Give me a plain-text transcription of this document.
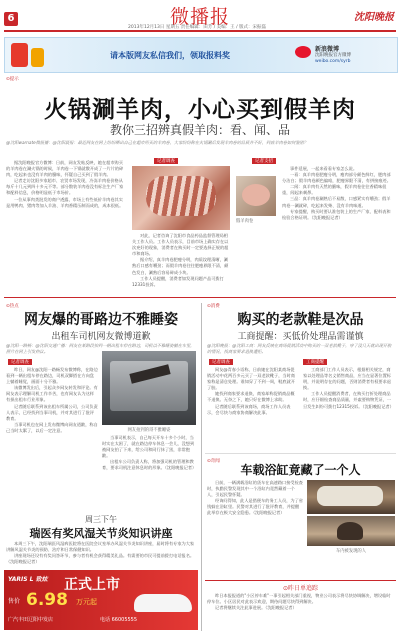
6	微播报
2013年12月13日 星期五 责任编辑：田芳 / 美编：王 / 版式：宋振磊
沈阳晚报
请本版网友私信我们，领取报料奖
新浪微博
沈阳晚报官方微博
weibo.com/syrb
⊙提示
火锅涮羊肉，小心买到假羊肉
教你三招辨真假羊肉：看、闻、品
@沈阳warnate微报播：@沈阳晨报：最近网友在网上纷纷晒出自己在超市所买的羊肉卷，大家纷纷称在火锅涮后发现羊肉卷的品质并不好，到底羊肉卷如何鉴别？

据沈阳晚报官方微博：日前，网友发帖反映，她在超市购买的羊肉卷在涮火锅的时候，羊肉卷一下锅就散开成了一片片的碎肉，吃起来也没有羊肉的膻味，怀疑自己买到了假羊肉。

记者走访沈阳多家超市、农贸市场发现，冷冻羊肉卷价格从每斤十几元到四十多元不等。部分散装羊肉卷没有标注生产厂家和配料信息，价格明显低于市场价。

一位从事肉类批发的商户透露，市场上有些低价羊肉卷其实是用鸭肉、猪肉等加入羊油、羊肉香精压制而成的，成本很低。

记者调查

对此，记者咨询了沈阳市食品药品监督管理局相关工作人员。工作人员表示，目前市场上确实存在以次充好的现象，消费者在购买时一定要选择正规的超市和商场。

据介绍，真羊肉卷肥瘦分明，肉质纹理清晰，涮熟后口感有嚼劲；而假羊肉卷往往肥瘦界限不清，颜色发白，涮熟后容易碎成小块。

工作人员提醒，消费者如发现问题产品可拨打12331投诉。

记者支招
假羊肉卷

事件延展，一起来看看专家怎么说。

一看：真羊肉卷肥瘦分明，瘦肉部分颜色鲜红，肥肉部分洁白；假羊肉卷颜色偏暗，肥瘦界限不清，有拼接痕迹。

二闻：真羊肉有天然的膻味，假羊肉卷往往香精味很重，闻起来刺鼻。

三品：真羊肉卷涮熟后不易散，口感紧实有嚼劲；假羊肉卷一涮就碎，吃起来发柴、没有羊肉味道。

专家提醒，购买时要认准包装上的生产厂家、配料表和检验合格证明。（沈阳晚报记者）

⊙热点
网友爆的哥路边不雅睡姿
出租车司机网友微博道歉
@沈阳一路畅：@沈阳交通广播：网友在某路段拍到一辆出租车停在路边，司机以不雅睡姿躺在车里，照片在网上引发热议。
记者调查

昨日，网友@沈阳一路畅发布微博称，在路边看到一辆出租车停在路边，司机双脚搭在方向盘上躺着睡觉，画面十分不雅。

该微博发出后，引起众多网友转发和评论。有网友表示理解司机工作辛苦，也有网友认为这样有损出租车行业形象。

记者随后联系到该出租车所属公司，公司负责人表示，已经找到当事司机，并对其进行了批评教育。

当事司机也在网上发布微博向网友道歉，称自己当时太累了，以后一定注意。	网友拍到的哥不雅睡姿

当事司机表示，自己每天开车十多个小时，当时实在太困了，就在路边停车休息一会儿，没想到被网友拍了下来，给公司和同行抹了黑，非常抱歉。

出租车公司负责人称，将加强司机的管理和教育，要求司机注意休息时的形象。（沈阳晚报记者）

周三下午
瑞医有奖风湿关节炎知识讲座

本周三下午，沈阳瑞医风湿病医院将在医院会议室举办风湿关节炎知识讲座，届时将有专家为大家讲解风湿关节炎的预防、治疗和日常保健知识。

讲座现场还设有有奖问答环节，参与者有机会获得精美礼品。有需要的市民可提前拨打电话报名。（沈阳晚报记者）

YARIS L 致炫 正式上市
售价 6.98 万元起
广汽丰田辽阳中发店	电话 66005555
⊙消费
购买的老款鞋是次品
工商提醒：买低价处理品需谨慎
@沈阳晚报：@沈阳工商：网友反映在商场促销活动中购买的一双老款靴子，穿了没几天就出现开胶的情况，找商家要求退换遭拒。
记者调查

网友@青春小语称，日前她在沈阳某商场促销活动中花两百多元买了一双老款靴子，当时商家称是清仓处理。谁知穿了不到一周，鞋底就开了胶。

她找到商家要求退换，商家却称促销商品概不退换。无奈之下，她只好在微博上求助。

记者随后联系到该商场，商场工作人员表示，会尽快与商家协商解决此事。

工商提醒

工商部门工作人员表示，根据相关规定，商家以处理品等名义销售商品，应当在显著位置标明，并说明存在的问题，否则消费者有权要求退换。

工作人员提醒消费者，在购买打折处理商品时，应仔细检查商品质量，并索要购物凭证，一旦发生纠纷可拨打12315投诉。（沈阳晚报记者）

⊙奇闻
车载浴缸竟藏了一个人

日前，一辆满载浴缸的货车在高速路口接受检查时，执勤民警发现其中一个浴缸内竟然藏着一个人，引起民警怀疑。

经询问得知，此人是搭便车的务工人员，为了省钱躲在浴缸里。民警对其进行了批评教育，并提醒此举存在极大安全隐患。（沈阳晚报记者）

车内被发现的人
⊙昨日单追踪

昨日本报报道的"小区停车难"一事引起相关部门重视，物业公司表示将尽快协调解决，增设临时停车位。小区居民对此表示欢迎，期待问题尽快得到解决。

记者将继续关注此事进展。（沈阳晚报记者）
